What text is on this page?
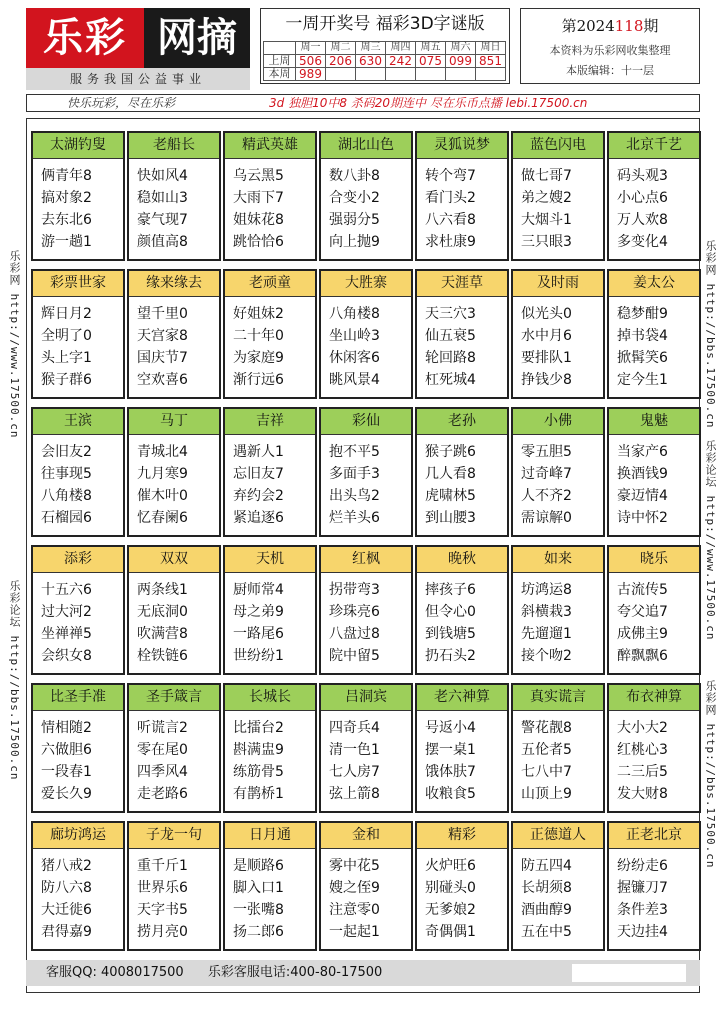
乐彩 网摘
服务我国公益事业
一周开奖号 福彩3D字谜版
	周一	周二	周三	周四	周五	周六	周日
上周	506	206	630	242	075	099	851
本周	989						
第2024118期
本资料为乐彩网收集整理
本版编辑：十一层
快乐玩彩，尽在乐彩	3d 独胆10中8 杀码20期连中 尽在乐币点播 lebi.17500.cn
乐彩网 http://www.17500.cn
乐彩论坛 http://bbs.17500.cn
乐彩网 http://bbs.17500.cn
乐彩论坛 http://www.17500.cn
乐彩网 http://bbs.17500.cn
太湖钓叟
俩青年8
搞对象2
去东北6
游一趟1
老船长
快如风4
稳如山3
豪气现7
颜值高8
精武英雄
乌云黑5
大雨下7
姐妹花8
跳恰恰6
湖北山色
数八卦8
合变小2
强弱分5
向上抛9
灵狐说梦
转个弯7
看门头2
八六看8
求杜康9
蓝色闪电
做七哥7
弟之嫂2
大烟斗1
三只眼3
北京千艺
码头观3
小心点6
万人欢8
多变化4
彩票世家
辉日月2
全明了0
头上字1
猴子群6
缘来缘去
望千里0
天宫家8
国庆节7
空欢喜6
老顽童
好姐妹2
二十年0
为家庭9
渐行远6
大胜寨
八角楼8
坐山岭3
休闲客6
眺风景4
天涯草
天三穴3
仙五衰5
轮回路8
杠死城4
及时雨
似光头0
水中月6
要排队1
挣钱少8
姜太公
稳梦酣9
掉书袋4
掀髯笑6
定今生1
王滨
会旧友2
往事现5
八角楼8
石榴园6
马丁
青城北4
九月寒9
催木叶0
忆春阑6
吉祥
遇新人1
忘旧友7
弃约会2
紧追逐6
彩仙
抱不平5
多面手3
出头鸟2
烂羊头6
老孙
猴子跳6
几人看8
虎啸林5
到山腰3
小佛
零五胆5
过奇峰7
人不齐2
需谅解0
鬼魅
当家产6
换酒钱9
豪迈情4
诗中怀2
添彩
十五六6
过大河2
坐禅禅5
会织女8
双双
两条线1
无底洞0
吹满营8
栓铁链6
天机
厨师常4
母之弟9
一路尾6
世纷纷1
红枫
拐带弯3
珍珠亮6
八盘过8
院中留5
晚秋
摔孩子6
但令心0
到钱塘5
扔石头2
如来
坊鸿运8
斜横栽3
先遛遛1
接个吻2
晓乐
古流传5
夸父追7
成佛主9
醉飘飘6
比圣手准
情相随2
六做胆6
一段春1
爱长久9
圣手箴言
听谎言2
零在尾0
四季风4
走老路6
长城长
比擂台2
斟满盅9
练筋骨5
有鹊桥1
吕洞宾
四奇兵4
清一色1
七人房7
弦上箭8
老六神算
号返小4
摆一桌1
饿体肤7
收粮食5
真实谎言
警花靓8
五伦者5
七八中7
山顶上9
布衣神算
大小大2
红桃心3
二三后5
发大财8
廊坊鸿运
猪八戒2
防八六8
大迁徙6
君得嘉9
子龙一句
重千斤1
世界乐6
天字书5
捞月亮0
日月通
是顺路6
脚入口1
一张嘴8
扬二郎6
金和
雾中花5
嫂之侄9
注意零0
一起起1
精彩
火炉旺6
别碰头0
无爹娘2
奇偶偶1
正德道人
防五四4
长胡须8
酒曲醇9
五在中5
正老北京
纷纷走6
握镰刀7
条件差3
天边挂4
客服QQ: 4008017500 乐彩客服电话:400-80-17500
